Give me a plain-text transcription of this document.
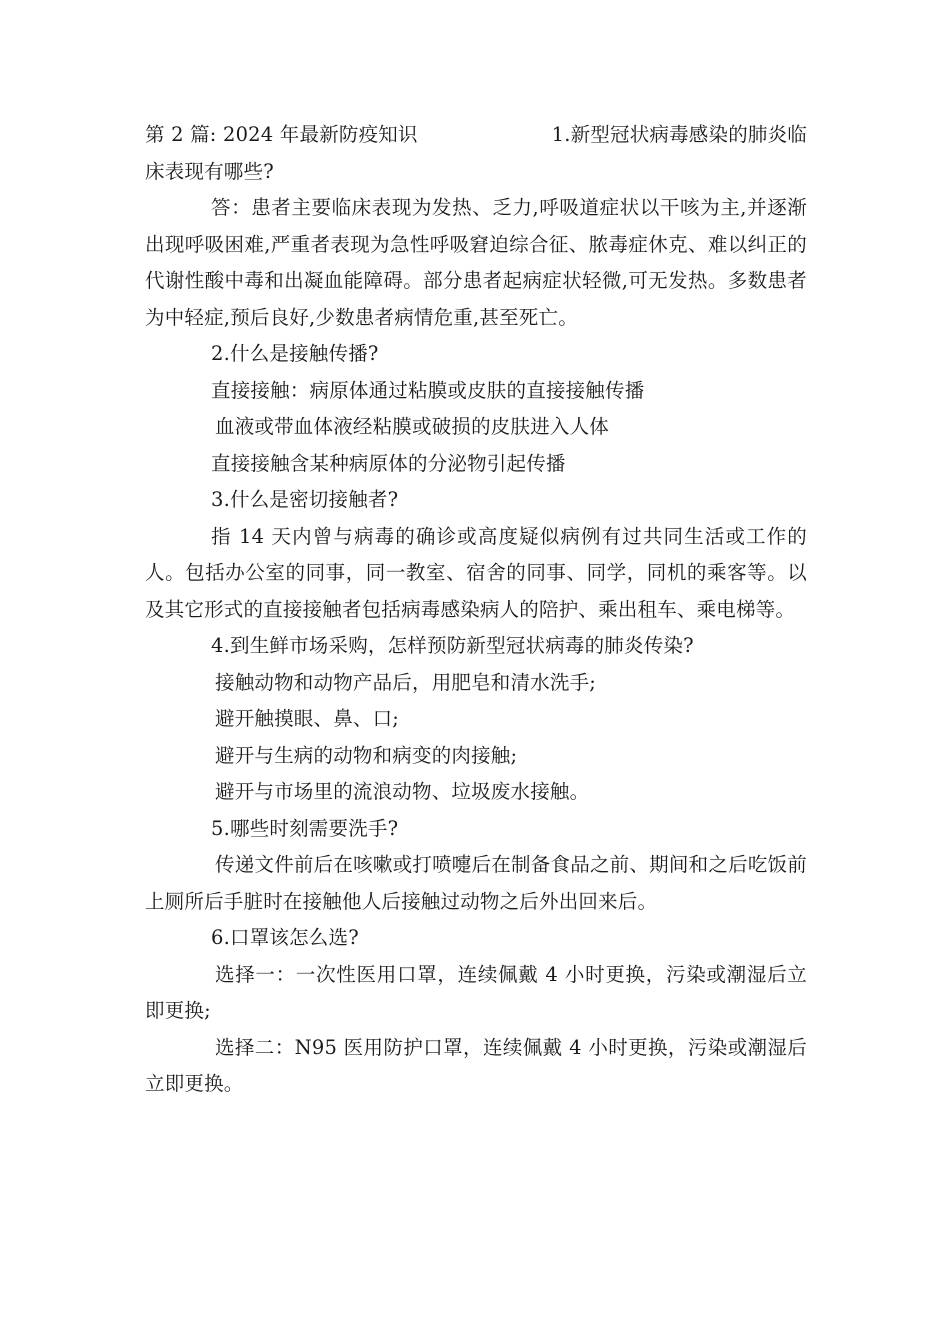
第 2 篇: 2024 年最新防疫知识	1.新型冠状病毒感染的肺炎临

床表现有哪些?

答：患者主要临床表现为发热、乏力,呼吸道症状以干咳为主,并逐渐出现呼吸困难,严重者表现为急性呼吸窘迫综合征、脓毒症休克、难以纠正的代谢性酸中毒和出凝血能障碍。部分患者起病症状轻微,可无发热。多数患者为中轻症,预后良好,少数患者病情危重,甚至死亡。

2.什么是接触传播?

直接接触：病原体通过粘膜或皮肤的直接接触传播

血液或带血体液经粘膜或破损的皮肤进入人体

直接接触含某种病原体的分泌物引起传播

3.什么是密切接触者?

指 14 天内曾与病毒的确诊或高度疑似病例有过共同生活或工作的人。包括办公室的同事，同一教室、宿舍的同事、同学，同机的乘客等。以及其它形式的直接接触者包括病毒感染病人的陪护、乘出租车、乘电梯等。

4.到生鲜市场采购，怎样预防新型冠状病毒的肺炎传染?

接触动物和动物产品后，用肥皂和清水洗手;

避开触摸眼、鼻、口;

避开与生病的动物和病变的肉接触;

避开与市场里的流浪动物、垃圾废水接触。

5.哪些时刻需要洗手?

传递文件前后在咳嗽或打喷嚏后在制备食品之前、期间和之后吃饭前上厕所后手脏时在接触他人后接触过动物之后外出回来后。

6.口罩该怎么选?

选择一：一次性医用口罩，连续佩戴 4 小时更换，污染或潮湿后立即更换;

选择二：N95 医用防护口罩，连续佩戴 4 小时更换，污染或潮湿后立即更换。
